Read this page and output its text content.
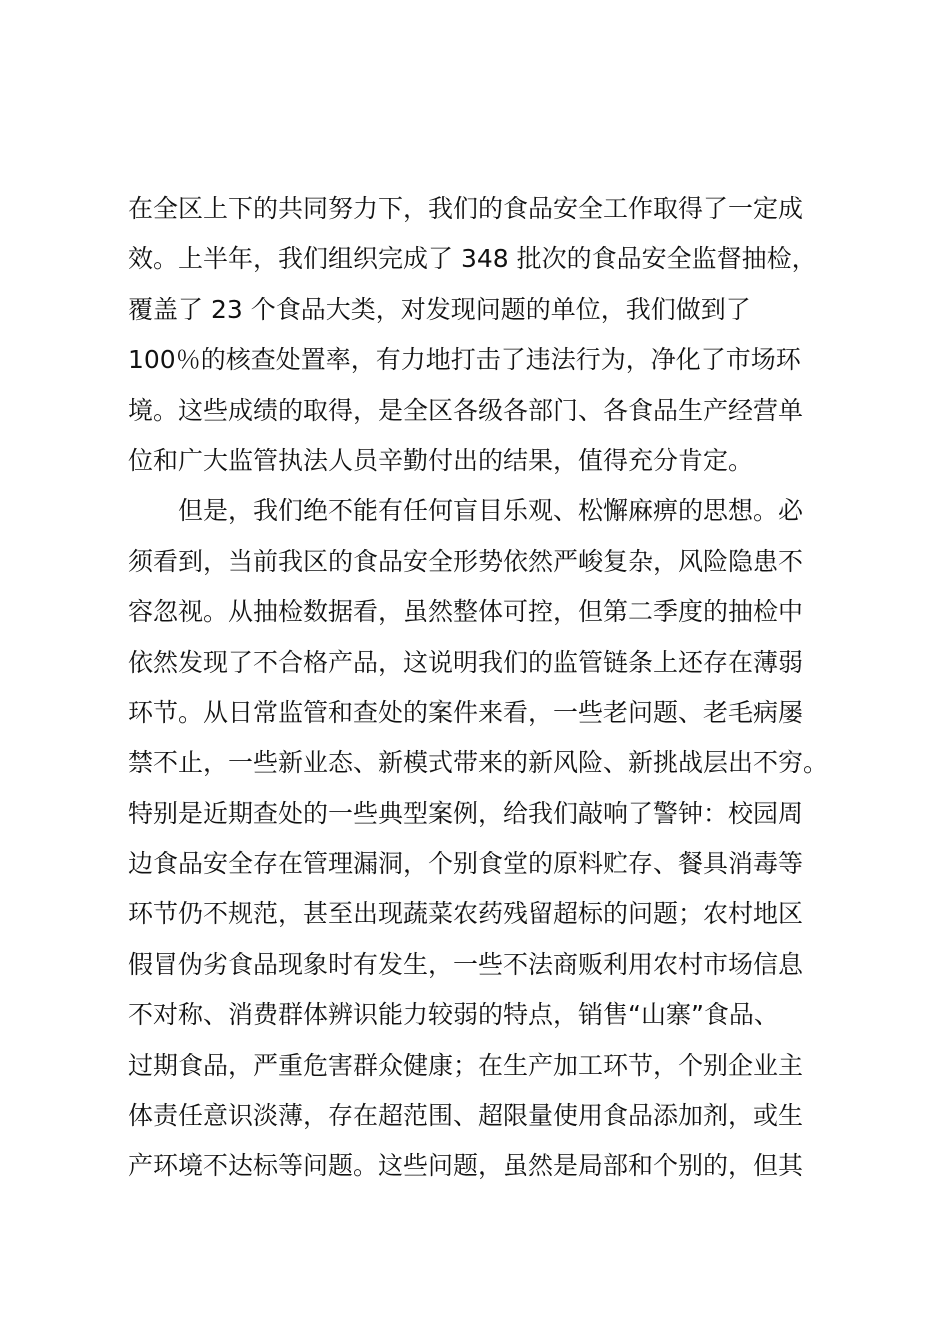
在全区上下的共同努力下，我们的食品安全工作取得了一定成
效。上半年，我们组织完成了 348 批次的食品安全监督抽检，
覆盖了 23 个食品大类，对发现问题的单位，我们做到了
100％的核查处置率，有力地打击了违法行为，净化了市场环
境。这些成绩的取得，是全区各级各部门、各食品生产经营单
位和广大监管执法人员辛勤付出的结果，值得充分肯定。
但是，我们绝不能有任何盲目乐观、松懈麻痹的思想。必
须看到，当前我区的食品安全形势依然严峻复杂，风险隐患不
容忽视。从抽检数据看，虽然整体可控，但第二季度的抽检中
依然发现了不合格产品，这说明我们的监管链条上还存在薄弱
环节。从日常监管和查处的案件来看，一些老问题、老毛病屡
禁不止，一些新业态、新模式带来的新风险、新挑战层出不穷。
特别是近期查处的一些典型案例，给我们敲响了警钟：校园周
边食品安全存在管理漏洞，个别食堂的原料贮存、餐具消毒等
环节仍不规范，甚至出现蔬菜农药残留超标的问题；农村地区
假冒伪劣食品现象时有发生，一些不法商贩利用农村市场信息
不对称、消费群体辨识能力较弱的特点，销售“山寨”食品、
过期食品，严重危害群众健康；在生产加工环节，个别企业主
体责任意识淡薄，存在超范围、超限量使用食品添加剂，或生
产环境不达标等问题。这些问题，虽然是局部和个别的，但其
